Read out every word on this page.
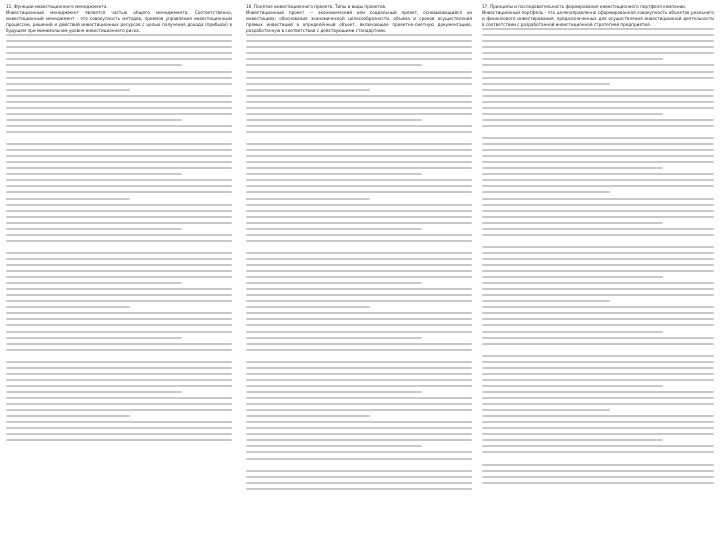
11. Функции инвестиционного менеджмента.

Инвестиционный менеджмент является частью общего менеджмента. Соответственно, инвестиционный менеджмент - это совокупность методов, приемов управления инвестиционным процессом, решений и действий инвестиционных ресурсов с целью получения дохода (прибыли) в будущем при минимальном уровне инвестиционного риска.

16. Понятие инвестиционного проекта. Типы и виды проектов.

Инвестиционный проект — экономический или социальный проект, основывающийся на инвестициях; обоснование экономической целесообразности, объема и сроков осуществления прямых инвестиций в определённый объект, включающее проектно-сметную документацию, разработанную в соответствии с действующими стандартами.

17. Принципы и последовательность формирования инвестиционного портфеля компании.

Инвестиционный портфель - это целенаправленно сформированная совокупность объектов реального и финансового инвестирования, предназначенных для осуществления инвестиционной деятельности в соответствии с разработанной инвестиционной стратегией предприятия.
